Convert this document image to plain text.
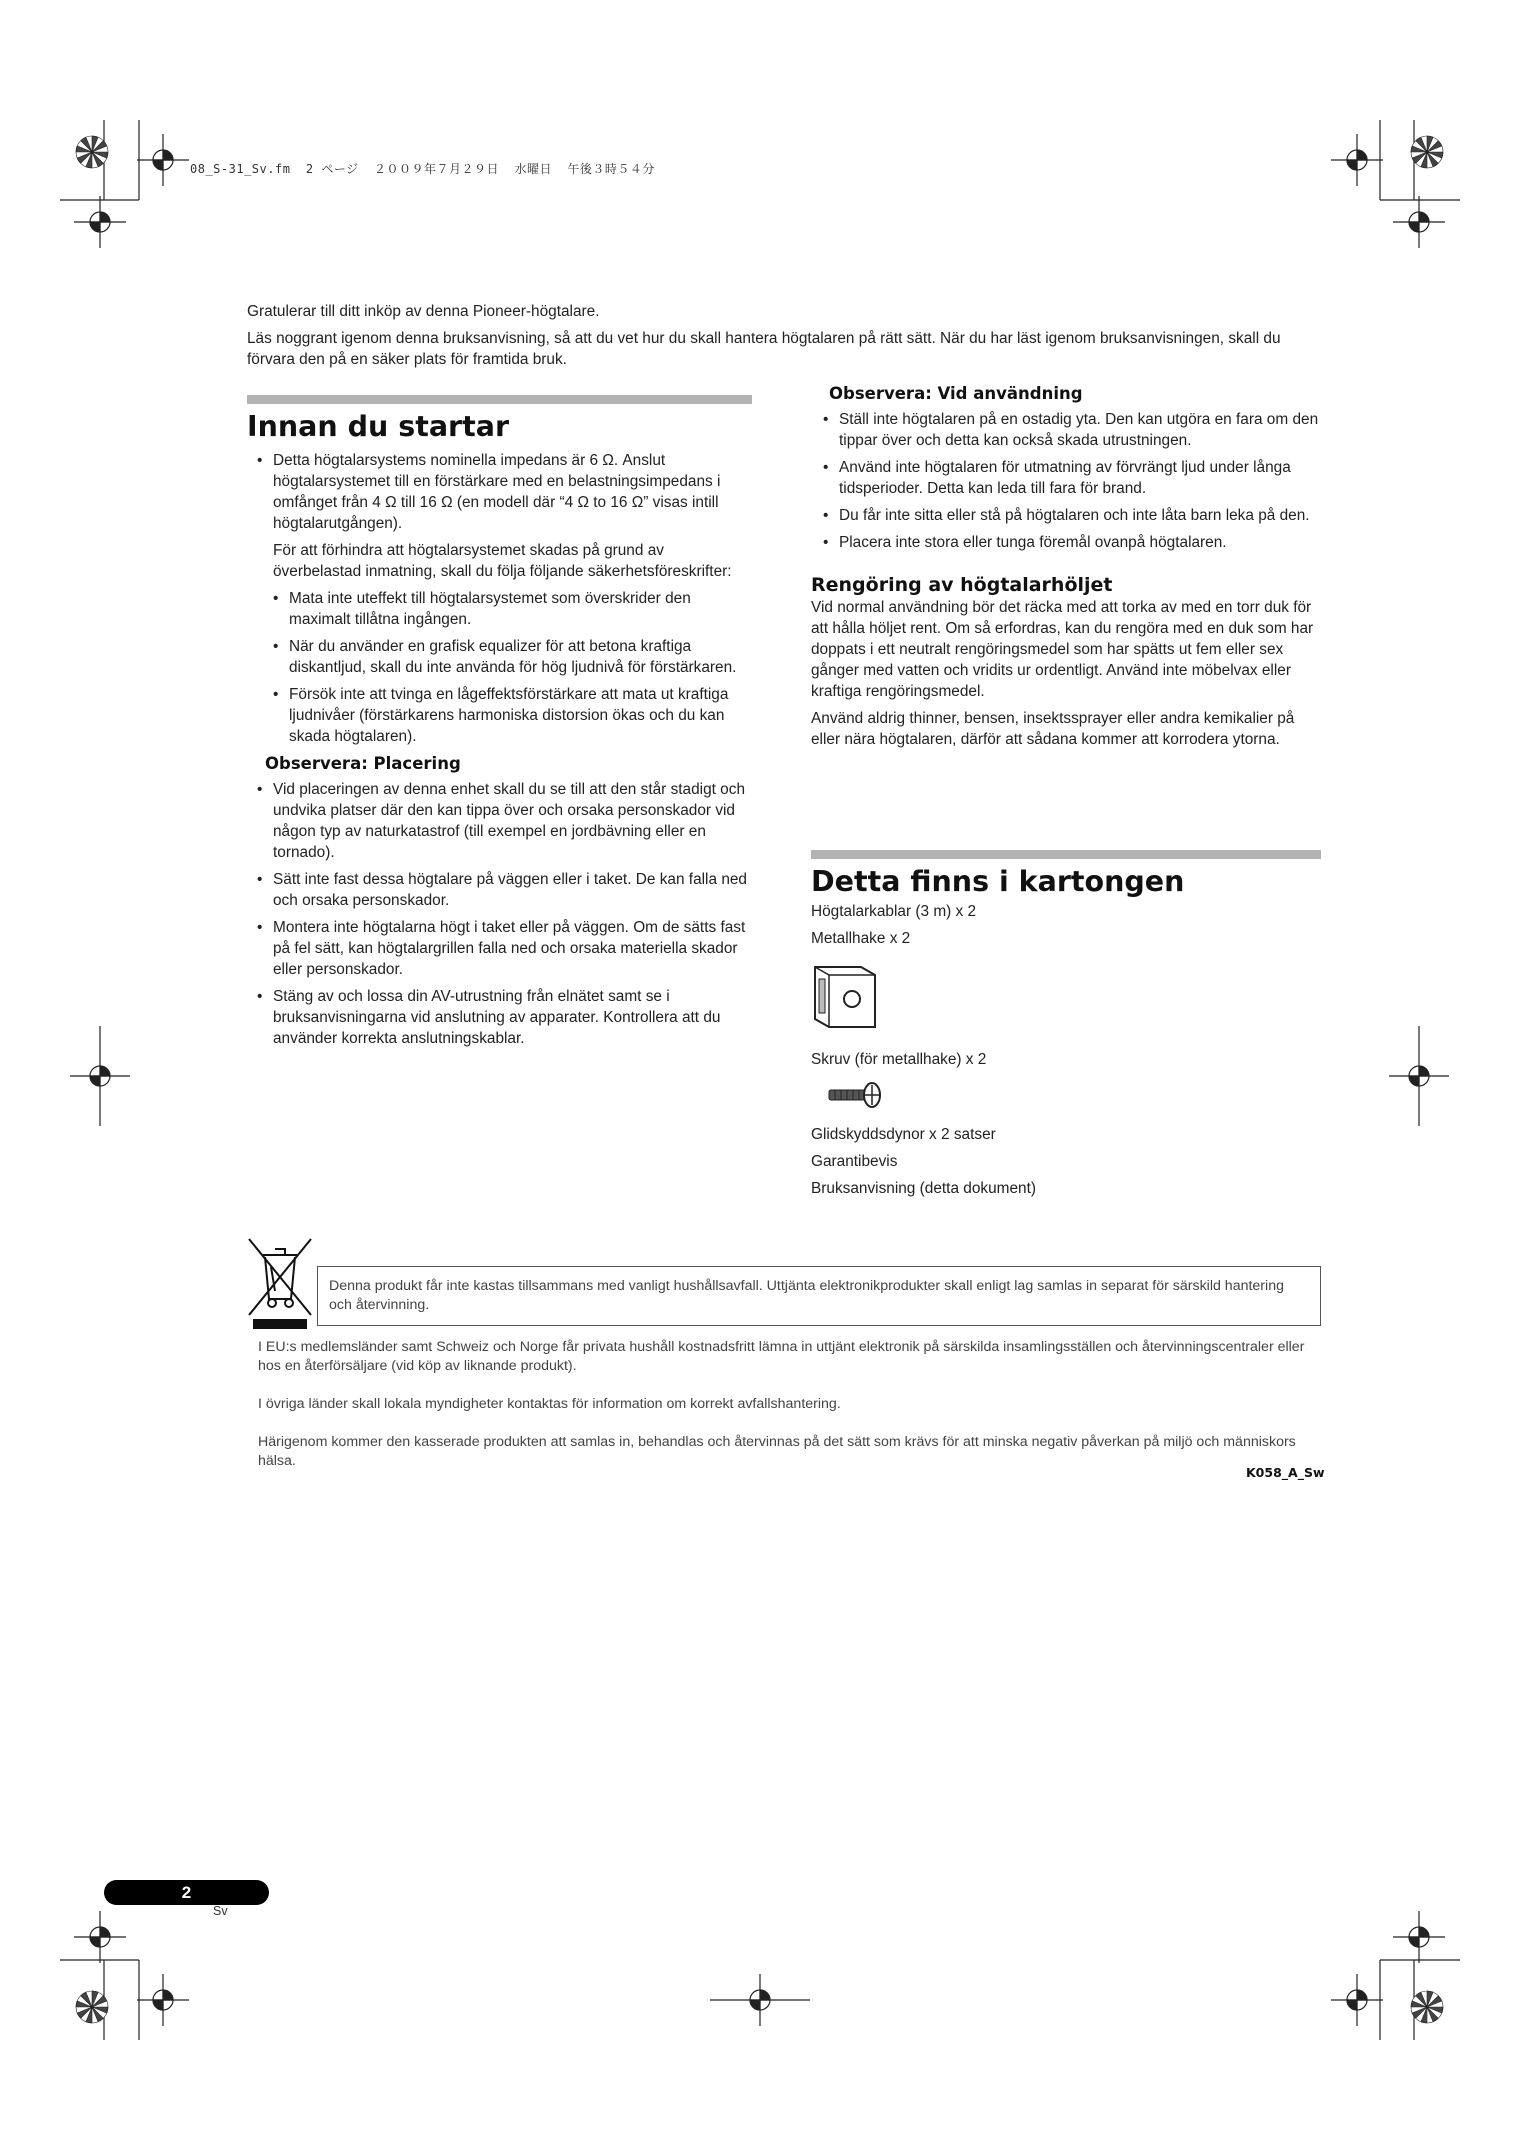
08_S-31_Sv.fm  2 ページ  ２００９年７月２９日  水曜日  午後３時５４分

Gratulerar till ditt inköp av denna Pioneer-högtalare.

Läs noggrant igenom denna bruksanvisning, så att du vet hur du skall hantera högtalaren på rätt sätt. När du har läst igenom bruksanvisningen, skall du förvara den på en säker plats för framtida bruk.

Innan du startar
• Detta högtalarsystems nominella impedans är 6 Ω. Anslut högtalarsystemet till en förstärkare med en belastningsimpedans i omfånget från 4 Ω till 16 Ω (en modell där “4 Ω to 16 Ω” visas intill högtalarutgången).

För att förhindra att högtalarsystemet skadas på grund av överbelastad inmatning, skall du följa följande säkerhetsföreskrifter:

• Mata inte uteffekt till högtalarsystemet som överskrider den maximalt tillåtna ingången.
• När du använder en grafisk equalizer för att betona kraftiga diskantljud, skall du inte använda för hög ljudnivå för förstärkaren.
• Försök inte att tvinga en lågeffektsförstärkare att mata ut kraftiga ljudnivåer (förstärkarens harmoniska distorsion ökas och du kan skada högtalaren).
Observera: Placering
• Vid placeringen av denna enhet skall du se till att den står stadigt och undvika platser där den kan tippa över och orsaka personskador vid någon typ av naturkatastrof (till exempel en jordbävning eller en tornado).
• Sätt inte fast dessa högtalare på väggen eller i taket. De kan falla ned och orsaka personskador.
• Montera inte högtalarna högt i taket eller på väggen. Om de sätts fast på fel sätt, kan högtalargrillen falla ned och orsaka materiella skador eller personskador.
• Stäng av och lossa din AV-utrustning från elnätet samt se i bruksanvisningarna vid anslutning av apparater. Kontrollera att du använder korrekta anslutningskablar.
Observera: Vid användning
• Ställ inte högtalaren på en ostadig yta. Den kan utgöra en fara om den tippar över och detta kan också skada utrustningen.
• Använd inte högtalaren för utmatning av förvrängt ljud under långa tidsperioder. Detta kan leda till fara för brand.
• Du får inte sitta eller stå på högtalaren och inte låta barn leka på den.
• Placera inte stora eller tunga föremål ovanpå högtalaren.
Rengöring av högtalarhöljet

Vid normal användning bör det räcka med att torka av med en torr duk för att hålla höljet rent. Om så erfordras, kan du rengöra med en duk som har doppats i ett neutralt rengöringsmedel som har spätts ut fem eller sex gånger med vatten och vridits ur ordentligt. Använd inte möbelvax eller kraftiga rengöringsmedel.

Använd aldrig thinner, bensen, insektssprayer eller andra kemikalier på eller nära högtalaren, därför att sådana kommer att korrodera ytorna.

Detta finns i kartongen
Högtalarkablar (3 m) x 2
Metallhake x 2
Skruv (för metallhake) x 2
Glidskyddsdynor x 2 satser
Garantibevis
Bruksanvisning (detta dokument)
Denna produkt får inte kastas tillsammans med vanligt hushållsavfall. Uttjänta elektronikprodukter skall enligt lag samlas in separat för särskild hantering och återvinning.

I EU:s medlemsländer samt Schweiz och Norge får privata hushåll kostnadsfritt lämna in uttjänt elektronik på särskilda insamlingsställen och återvinningscentraler eller hos en återförsäljare (vid köp av liknande produkt).

I övriga länder skall lokala myndigheter kontaktas för information om korrekt avfallshantering.

Härigenom kommer den kasserade produkten att samlas in, behandlas och återvinnas på det sätt som krävs för att minska negativ påverkan på miljö och människors hälsa.

K058_A_Sw
2
Sv
